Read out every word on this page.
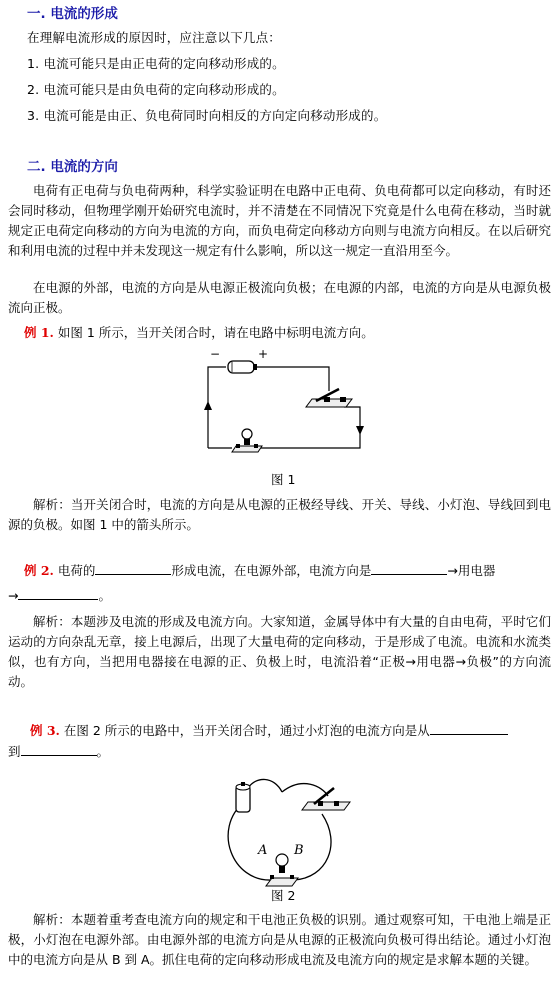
一. 电流的形成
在理解电流形成的原因时，应注意以下几点：
1. 电流可能只是由正电荷的定向移动形成的。
2. 电流可能只是由负电荷的定向移动形成的。
3. 电流可能是由正、负电荷同时向相反的方向定向移动形成的。
二. 电流的方向
电荷有正电荷与负电荷两种，科学实验证明在电路中正电荷、负电荷都可以定向移动，有时还会同时移动，但物理学刚开始研究电流时，并不清楚在不同情况下究竟是什么电荷在移动，当时就规定正电荷定向移动的方向为电流的方向，而负电荷定向移动方向则与电流方向相反。在以后研究和利用电流的过程中并未发现这一规定有什么影响，所以这一规定一直沿用至今。
在电源的外部，电流的方向是从电源正极流向负极；在电源的内部，电流的方向是从电源负极流向正极。
例 1. 如图 1 所示，当开关闭合时，请在电路中标明电流方向。
−	+
图 1
解析：当开关闭合时，电流的方向是从电源的正极经导线、开关、导线、小灯泡、导线回到电源的负极。如图 1 中的箭头所示。
例 2. 电荷的	形成电流，在电源外部，电流方向是	→用电器
→	。
解析：本题涉及电流的形成及电流方向。大家知道，金属导体中有大量的自由电荷，平时它们运动的方向杂乱无章，接上电源后，出现了大量电荷的定向移动，于是形成了电流。电流和水流类似，也有方向，当把用电器接在电源的正、负极上时，电流沿着“正极→用电器→负极”的方向流动。
例 3. 在图 2 所示的电路中，当开关闭合时，通过小灯泡的电流方向是从
到	。
A B
图 2
解析：本题着重考查电流方向的规定和干电池正负极的识别。通过观察可知，干电池上端是正极，小灯泡在电源外部。由电源外部的电流方向是从电源的正极流向负极可得出结论。通过小灯泡中的电流方向是从 B 到 A。抓住电荷的定向移动形成电流及电流方向的规定是求解本题的关键。
